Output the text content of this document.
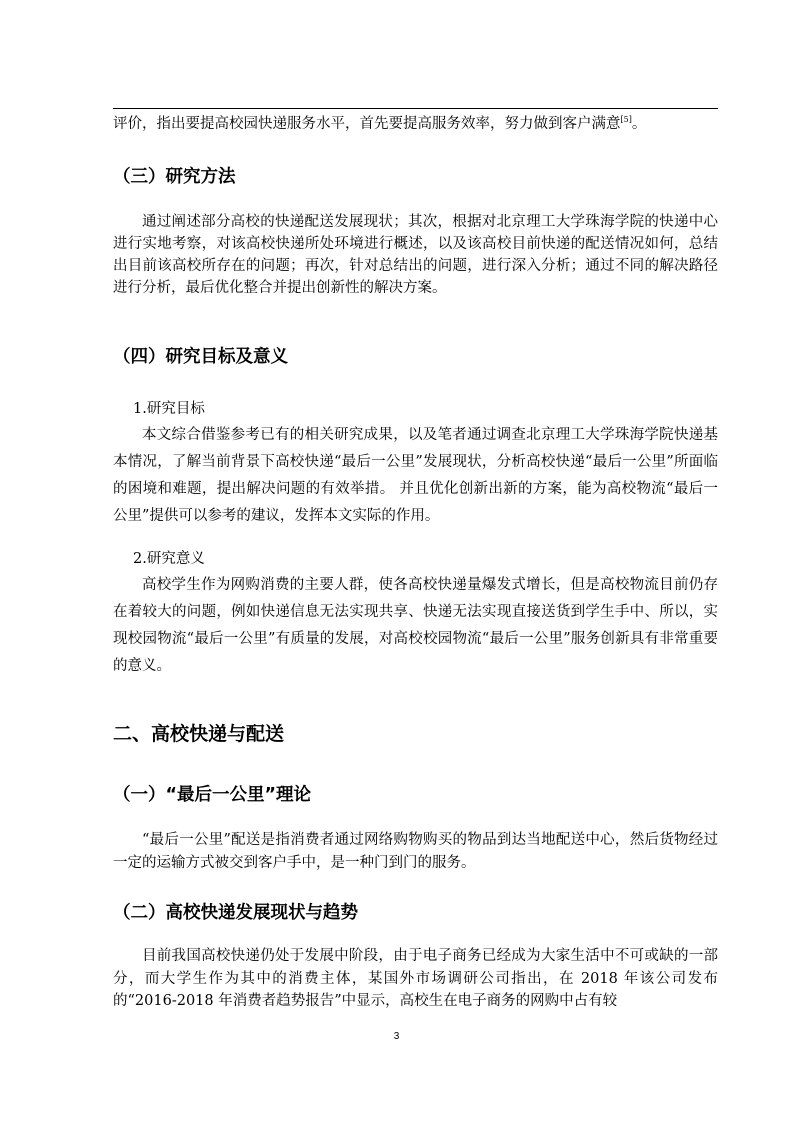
评价，指出要提高校园快递服务水平，首先要提高服务效率，努力做到客户满意[5]。
（三）研究方法
通过阐述部分高校的快递配送发展现状；其次，根据对北京理工大学珠海学院的快递中心进行实地考察，对该高校快递所处环境进行概述，以及该高校目前快递的配送情况如何，总结出目前该高校所存在的问题；再次，针对总结出的问题，进行深入分析；通过不同的解决路径进行分析，最后优化整合并提出创新性的解决方案。
（四）研究目标及意义
1.研究目标
本文综合借鉴参考已有的相关研究成果，以及笔者通过调查北京理工大学珠海学院快递基本情况，了解当前背景下高校快递“最后一公里”发展现状，分析高校快递“最后一公里”所面临的困境和难题，提出解决问题的有效举措。 并且优化创新出新的方案，能为高校物流“最后一公里”提供可以参考的建议，发挥本文实际的作用。
2.研究意义
高校学生作为网购消费的主要人群，使各高校快递量爆发式增长，但是高校物流目前仍存在着较大的问题，例如快递信息无法实现共享、快递无法实现直接送货到学生手中、所以，实现校园物流“最后一公里”有质量的发展，对高校校园物流“最后一公里”服务创新具有非常重要的意义。
二、高校快递与配送
（一）“最后一公里”理论
“最后一公里”配送是指消费者通过网络购物购买的物品到达当地配送中心，然后货物经过一定的运输方式被交到客户手中，是一种门到门的服务。
（二）高校快递发展现状与趋势
目前我国高校快递仍处于发展中阶段，由于电子商务已经成为大家生活中不可或缺的一部分，而大学生作为其中的消费主体，某国外市场调研公司指出，在 2018 年该公司发布的“2016-2018 年消费者趋势报告”中显示，高校生在电子商务的网购中占有较
3
